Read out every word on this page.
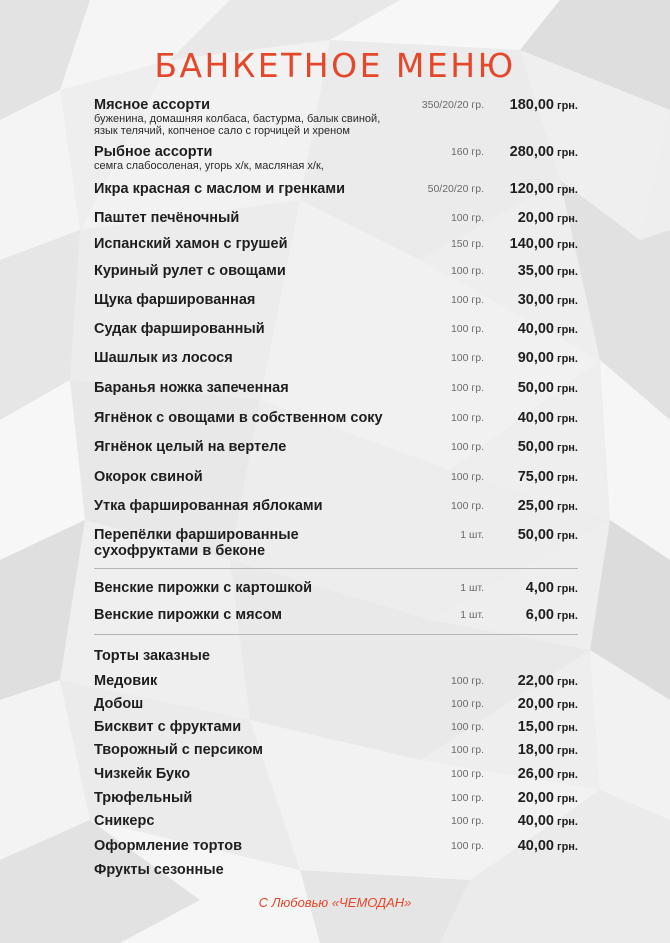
БАНКЕТНОЕ МЕНЮ
Мясное ассорти
буженина, домашняя колбаса, бастурма, балык свиной,
язык телячий, копченое сало с горчицей и хреном
350/20/20 гр. 180,00 грн.
Рыбное ассорти
семга слабосоленая, угорь х/к, масляная х/к,
160 гр. 280,00 грн.
Икра красная с маслом и гренками	50/20/20 гр. 120,00 грн.
Паштет печёночный	100 гр. 20,00 грн.
Испанский хамон с грушей	150 гр. 140,00 грн.
Куриный рулет с овощами	100 гр. 35,00 грн.
Щука фаршированная	100 гр. 30,00 грн.
Судак фаршированный	100 гр. 40,00 грн.
Шашлык из лосося	100 гр. 90,00 грн.
Баранья ножка запеченная	100 гр. 50,00 грн.
Ягнёнок с овощами в собственном соку	100 гр. 40,00 грн.
Ягнёнок целый на вертеле	100 гр. 50,00 грн.
Окорок свиной	100 гр. 75,00 грн.
Утка фаршированная яблоками	100 гр. 25,00 грн.
Перепёлки фаршированные
сухофруктами в беконе
1 шт. 50,00 грн.
Венские пирожки с картошкой	1 шт.	4,00 грн.
Венские пирожки с мясом	1 шт.	6,00 грн.
Торты заказные
Медовик	100 гр. 22,00 грн.
Добош	100 гр. 20,00 грн.
Бисквит с фруктами	100 гр. 15,00 грн.
Творожный с персиком	100 гр. 18,00 грн.
Чизкейк Буко	100 гр. 26,00 грн.
Трюфельный	100 гр. 20,00 грн.
Сникерс	100 гр. 40,00 грн.
Оформление тортов	100 гр. 40,00 грн.
Фрукты сезонные
С Любовью «ЧЕМОДАН»
